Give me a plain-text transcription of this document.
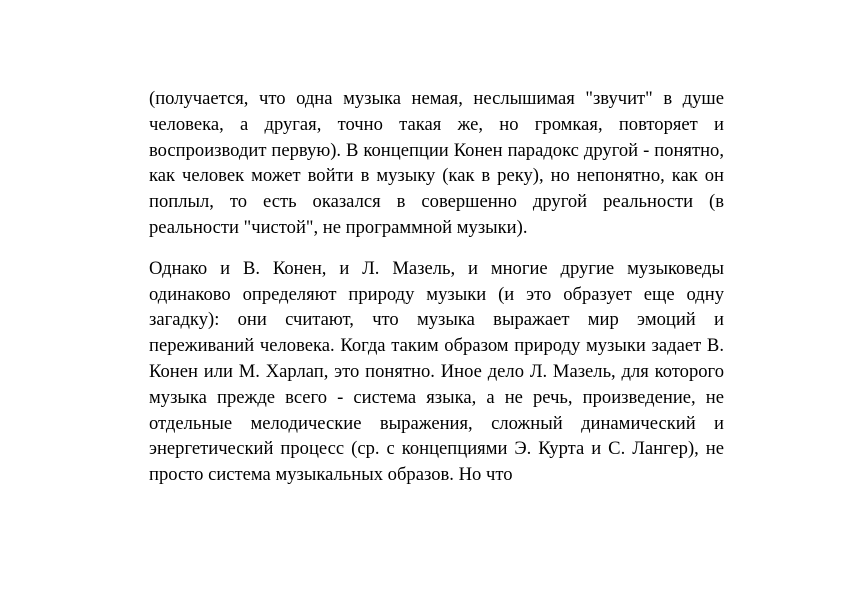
(получается, что одна музыка немая, неслышимая "звучит" в душе человека, а другая, точно такая же, но громкая, повторяет и воспроизводит первую). В концепции Конен парадокс другой - понятно, как человек может войти в музыку (как в реку), но непонятно, как он поплыл, то есть оказался в совершенно другой реальности (в реальности "чистой", не программной музыки).

Однако и В. Конен, и Л. Мазель, и многие другие музыковеды одинаково определяют природу музыки (и это образует еще одну загадку): они считают, что музыка выражает мир эмоций и переживаний человека. Когда таким образом природу музыки задает В. Конен или М. Харлап, это понятно. Иное дело Л. Мазель, для которого музыка прежде всего - система языка, а не речь, произведение, не отдельные мелодические выражения, сложный динамический и энергетический процесс (ср. с концепциями Э. Курта и С. Лангер), не просто система музыкальных образов. Но что
